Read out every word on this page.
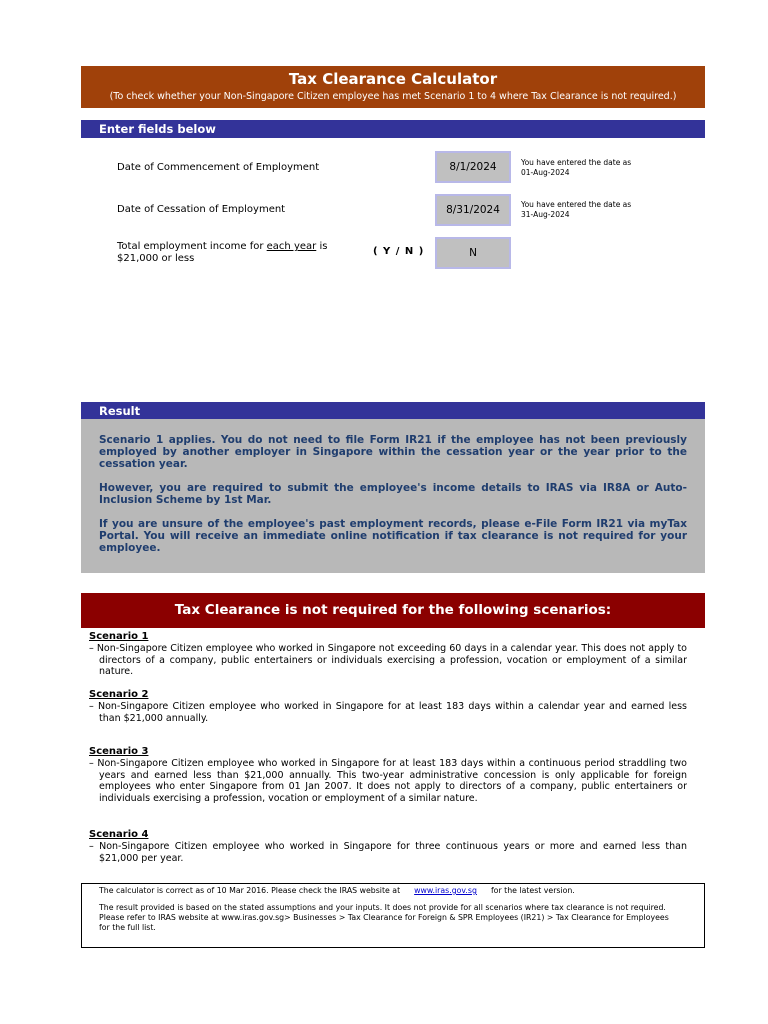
Tax Clearance Calculator
(To check whether your Non-Singapore Citizen employee has met Scenario 1 to 4 where Tax Clearance is not required.)
Enter fields below
Date of Commencement of Employment	8/1/2024	You have entered the date as
01-Aug-2024
Date of Cessation of Employment	8/31/2024	You have entered the date as
31-Aug-2024
Total employment income for each year is
$21,000 or less
( Y / N )	N
Result

Scenario 1 applies. You do not need to file Form IR21 if the employee has not been previously employed by another employer in Singapore within the cessation year or the year prior to the cessation year.

However, you are required to submit the employee's income details to IRAS via IR8A or Auto-Inclusion Scheme by 1st Mar.

If you are unsure of the employee's past employment records, please e-File Form IR21 via myTax Portal. You will receive an immediate online notification if tax clearance is not required for your employee.

Tax Clearance is not required for the following scenarios:
Scenario 1
– Non-Singapore Citizen employee who worked in Singapore not exceeding 60 days in a calendar year. This does not apply to directors of a company, public entertainers or individuals exercising a profession, vocation or employment of a similar nature.
Scenario 2
– Non-Singapore Citizen employee who worked in Singapore for at least 183 days within a calendar year and earned less than $21,000 annually.
Scenario 3
– Non-Singapore Citizen employee who worked in Singapore for at least 183 days within a continuous period straddling two years and earned less than $21,000 annually. This two-year administrative concession is only applicable for foreign employees who enter Singapore from 01 Jan 2007. It does not apply to directors of a company, public entertainers or individuals exercising a profession, vocation or employment of a similar nature.
Scenario 4
– Non-Singapore Citizen employee who worked in Singapore for three continuous years or more and earned less than $21,000 per year.
The calculator is correct as of 10 Mar 2016. Please check the IRAS website at www.iras.gov.sg for the latest version.
The result provided is based on the stated assumptions and your inputs. It does not provide for all scenarios where tax clearance is not required.
Please refer to IRAS website at www.iras.gov.sg> Businesses > Tax Clearance for Foreign & SPR Employees (IR21) > Tax Clearance for Employees
for the full list.
